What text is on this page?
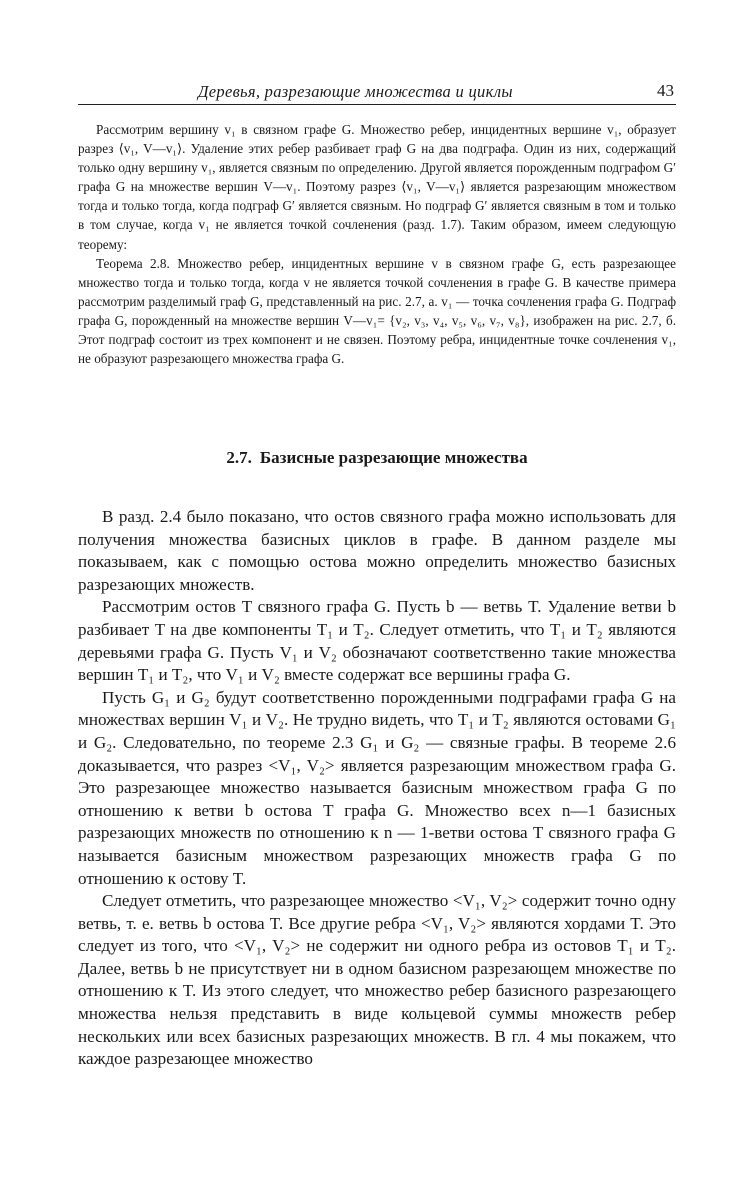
Деревья, разрезающие множества и циклы	43

Рассмотрим вершину v₁ в связном графе G. Множество ребер, инцидентных вершине v₁, образует разрез ⟨v₁, V—v₁⟩. Удаление этих ребер разбивает граф G на два подграфа. Один из них, содержащий только одну вершину v₁, является связным по определению. Другой является порожденным подграфом G′ графа G на множестве вершин V—v₁. Поэтому разрез ⟨v₁, V—v₁⟩ является разрезающим множеством тогда и только тогда, когда подграф G′ является связным. Но подграф G′ является связным в том и только в том случае, когда v₁ не является точкой сочленения (разд. 1.7). Таким образом, имеем следующую теорему:

Теорема 2.8. Множество ребер, инцидентных вершине v в связном графе G, есть разрезающее множество тогда и только тогда, когда v не является точкой сочленения в графе G. В качестве примера рассмотрим разделимый граф G, представленный на рис. 2.7, а. v₁ — точка сочленения графа G. Подграф графа G, порожденный на множестве вершин V—v₁= {v₂, v₃, v₄, v₅, v₆, v₇, v₈}, изображен на рис. 2.7, б. Этот подграф состоит из трех компонент и не связен. Поэтому ребра, инцидентные точке сочленения v₁, не образуют разрезающего множества графа G.

2.7. Базисные разрезающие множества

В разд. 2.4 было показано, что остов связного графа можно использовать для получения множества базисных циклов в графе. В данном разделе мы показываем, как с помощью остова можно определить множество базисных разрезающих множеств.

Рассмотрим остов T связного графа G. Пусть b — ветвь T. Удаление ветви b разбивает T на две компоненты T₁ и T₂. Следует отметить, что T₁ и T₂ являются деревьями графа G. Пусть V₁ и V₂ обозначают соответственно такие множества вершин T₁ и T₂, что V₁ и V₂ вместе содержат все вершины графа G.

Пусть G₁ и G₂ будут соответственно порожденными подграфами графа G на множествах вершин V₁ и V₂. Не трудно видеть, что T₁ и T₂ являются остовами G₁ и G₂. Следовательно, по теореме 2.3 G₁ и G₂ — связные графы. В теореме 2.6 доказывается, что разрез <V₁, V₂> является разрезающим множеством графа G. Это разрезающее множество называется базисным множеством графа G по отношению к ветви b остова T графа G. Множество всех n—1 базисных разрезающих множеств по отношению к n — 1-ветви остова T связного графа G называется базисным множеством разрезающих множеств графа G по отношению к остову T.

Следует отметить, что разрезающее множество <V₁, V₂> содержит точно одну ветвь, т. е. ветвь b остова T. Все другие ребра <V₁, V₂> являются хордами T. Это следует из того, что <V₁, V₂> не содержит ни одного ребра из остовов T₁ и T₂. Далее, ветвь b не присутствует ни в одном базисном разрезающем множестве по отношению к T. Из этого следует, что множество ребер базисного разрезающего множества нельзя представить в виде кольцевой суммы множеств ребер нескольких или всех базисных разрезающих множеств. В гл. 4 мы покажем, что каждое разрезающее множество
